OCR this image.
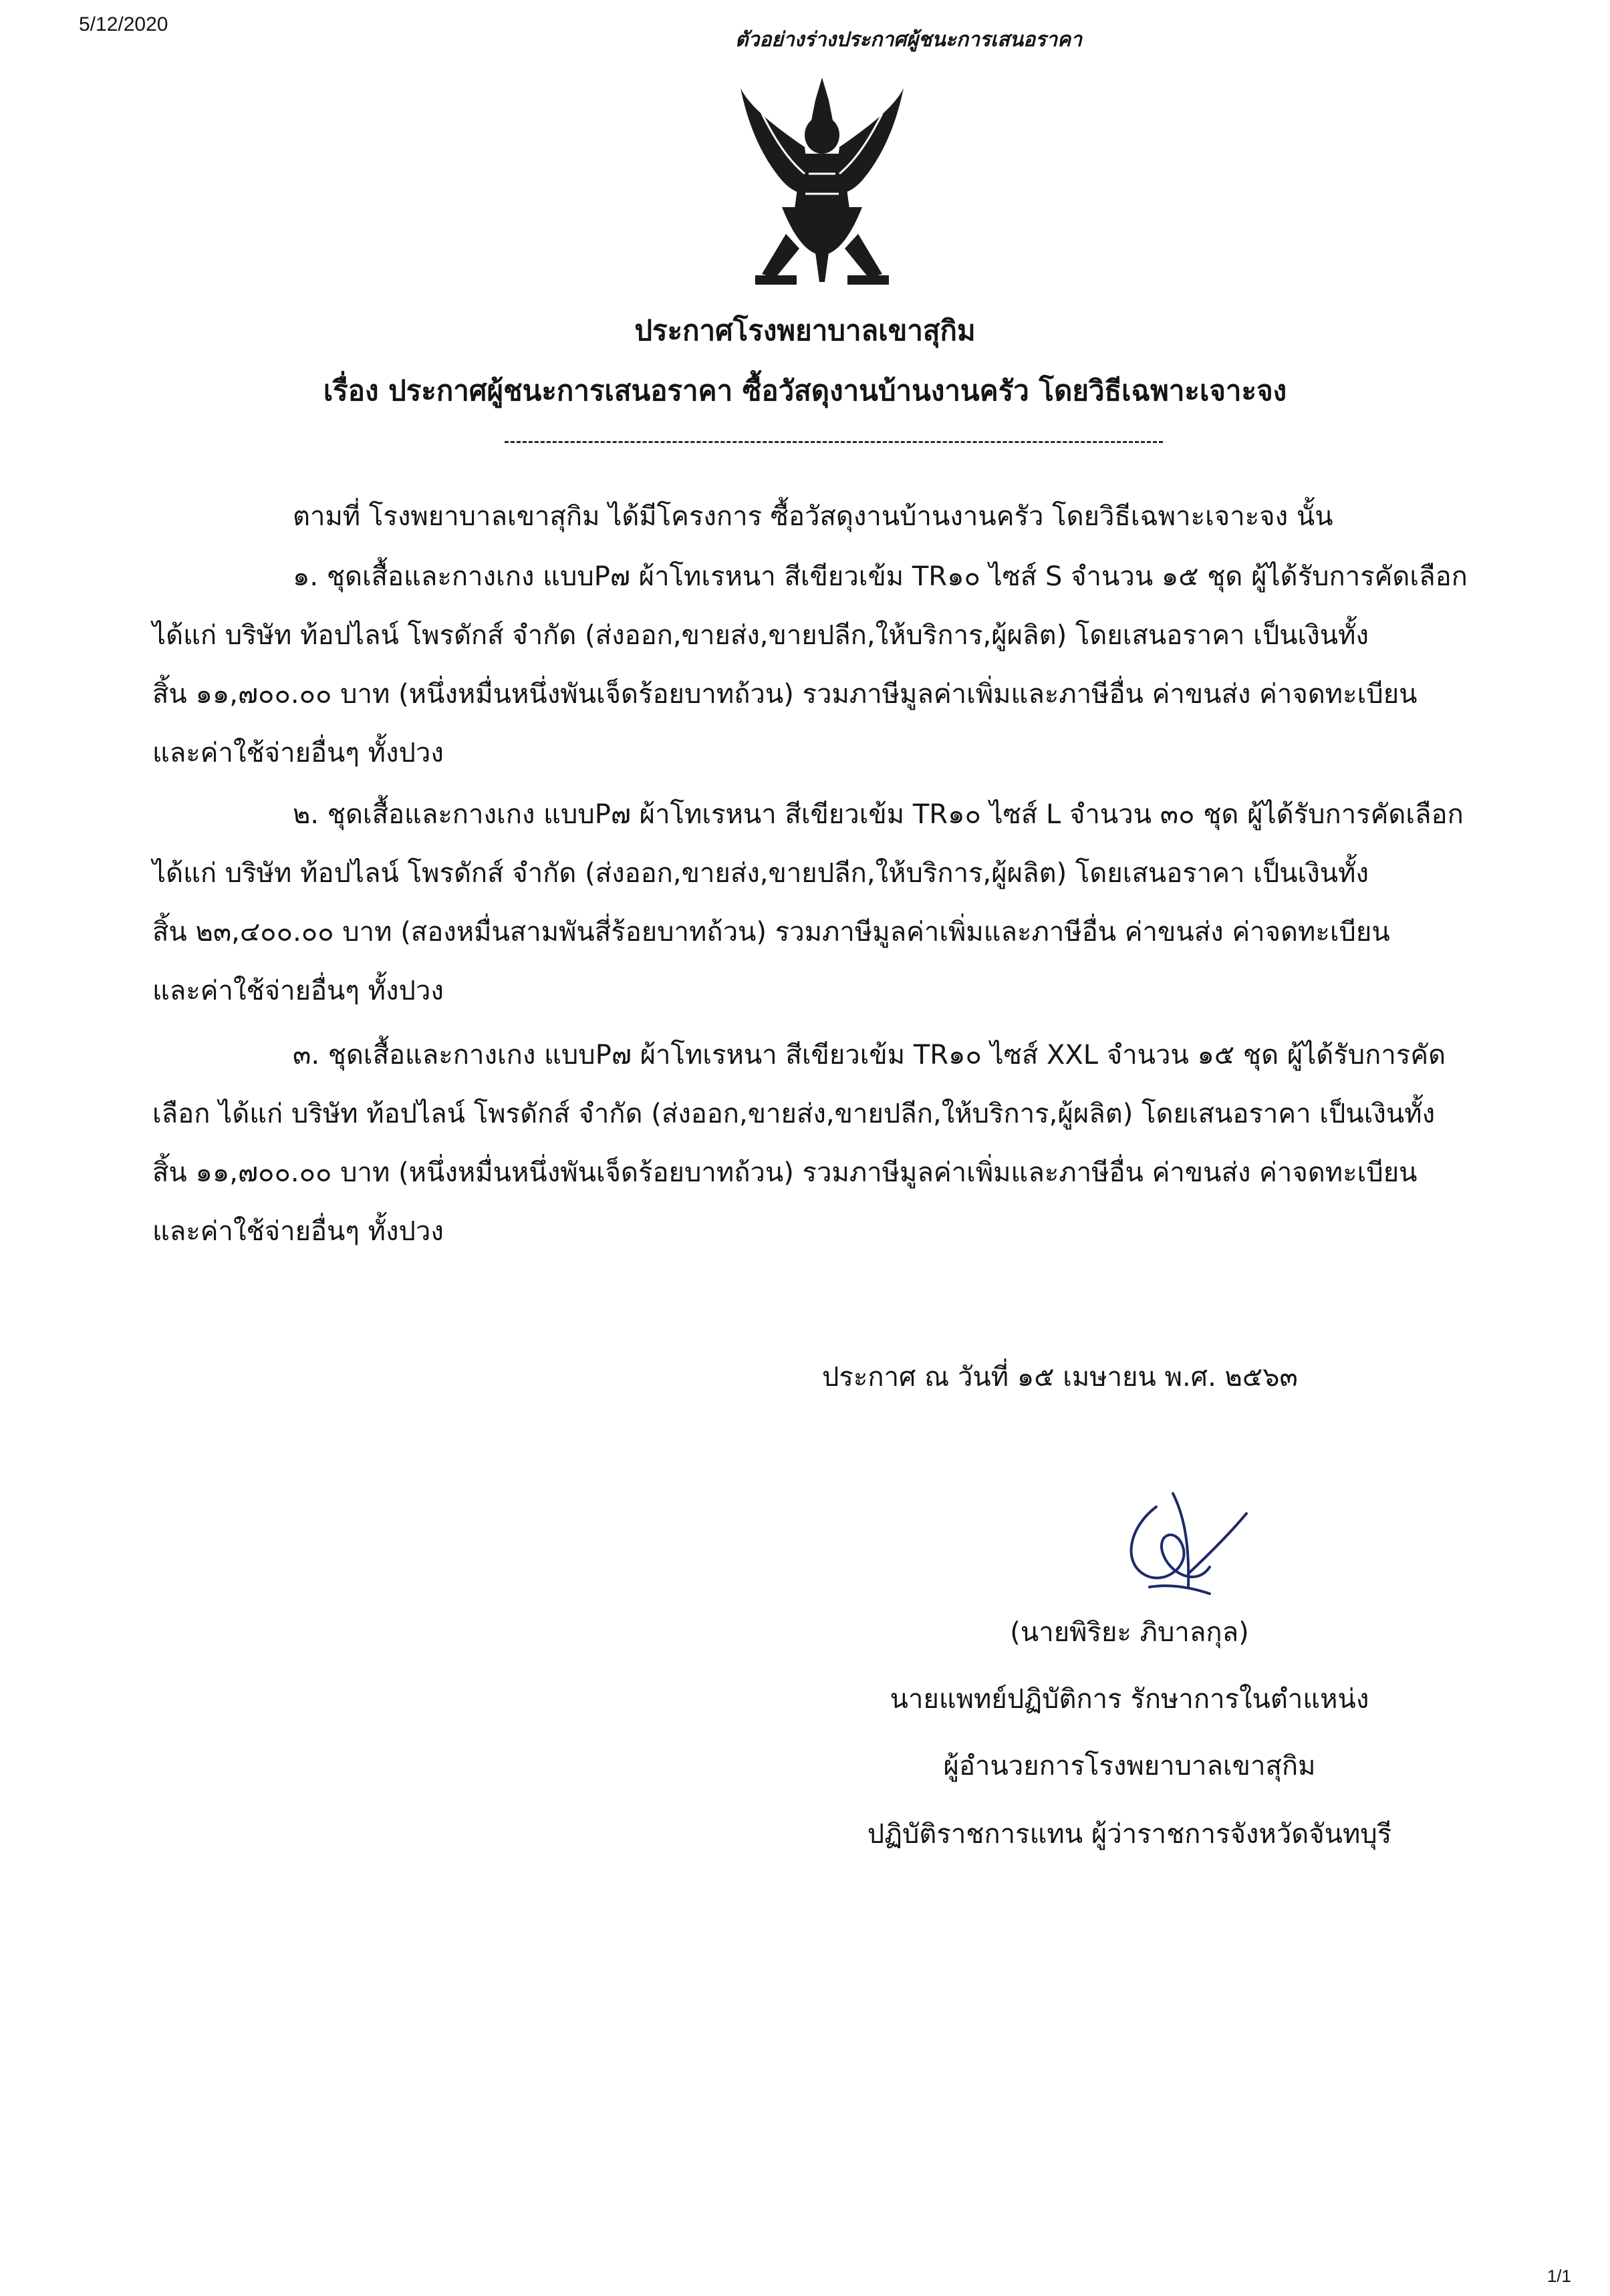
5/12/2020
ตัวอย่างร่างประกาศผู้ชนะการเสนอราคา
ประกาศโรงพยาบาลเขาสุกิม
เรื่อง ประกาศผู้ชนะการเสนอราคา ซื้อวัสดุงานบ้านงานครัว โดยวิธีเฉพาะเจาะจง
ตามที่ โรงพยาบาลเขาสุกิม ได้มีโครงการ ซื้อวัสดุงานบ้านงานครัว โดยวิธีเฉพาะเจาะจง นั้น
๑. ชุดเสื้อและกางเกง แบบP๗ ผ้าโทเรหนา สีเขียวเข้ม TR๑๐ ไซส์ S จำนวน ๑๕ ชุด ผู้ได้รับการคัดเลือก
ได้แก่ บริษัท ท้อปไลน์ โพรดักส์ จำกัด (ส่งออก,ขายส่ง,ขายปลีก,ให้บริการ,ผู้ผลิต) โดยเสนอราคา เป็นเงินทั้ง
สิ้น ๑๑,๗๐๐.๐๐ บาท (หนึ่งหมื่นหนึ่งพันเจ็ดร้อยบาทถ้วน) รวมภาษีมูลค่าเพิ่มและภาษีอื่น ค่าขนส่ง ค่าจดทะเบียน
และค่าใช้จ่ายอื่นๆ ทั้งปวง
๒. ชุดเสื้อและกางเกง แบบP๗ ผ้าโทเรหนา สีเขียวเข้ม TR๑๐ ไซส์ L จำนวน ๓๐ ชุด ผู้ได้รับการคัดเลือก
ได้แก่ บริษัท ท้อปไลน์ โพรดักส์ จำกัด (ส่งออก,ขายส่ง,ขายปลีก,ให้บริการ,ผู้ผลิต) โดยเสนอราคา เป็นเงินทั้ง
สิ้น ๒๓,๔๐๐.๐๐ บาท (สองหมื่นสามพันสี่ร้อยบาทถ้วน) รวมภาษีมูลค่าเพิ่มและภาษีอื่น ค่าขนส่ง ค่าจดทะเบียน
และค่าใช้จ่ายอื่นๆ ทั้งปวง
๓. ชุดเสื้อและกางเกง แบบP๗ ผ้าโทเรหนา สีเขียวเข้ม TR๑๐ ไซส์ XXL จำนวน ๑๕ ชุด ผู้ได้รับการคัด
เลือก ได้แก่ บริษัท ท้อปไลน์ โพรดักส์ จำกัด (ส่งออก,ขายส่ง,ขายปลีก,ให้บริการ,ผู้ผลิต) โดยเสนอราคา เป็นเงินทั้ง
สิ้น ๑๑,๗๐๐.๐๐ บาท (หนึ่งหมื่นหนึ่งพันเจ็ดร้อยบาทถ้วน) รวมภาษีมูลค่าเพิ่มและภาษีอื่น ค่าขนส่ง ค่าจดทะเบียน
และค่าใช้จ่ายอื่นๆ ทั้งปวง
ประกาศ ณ วันที่ ๑๕ เมษายน พ.ศ. ๒๕๖๓
(นายพิริยะ ภิบาลกุล)
นายแพทย์ปฏิบัติการ รักษาการในตำแหน่ง
ผู้อำนวยการโรงพยาบาลเขาสุกิม
ปฏิบัติราชการแทน ผู้ว่าราชการจังหวัดจันทบุรี
1/1
